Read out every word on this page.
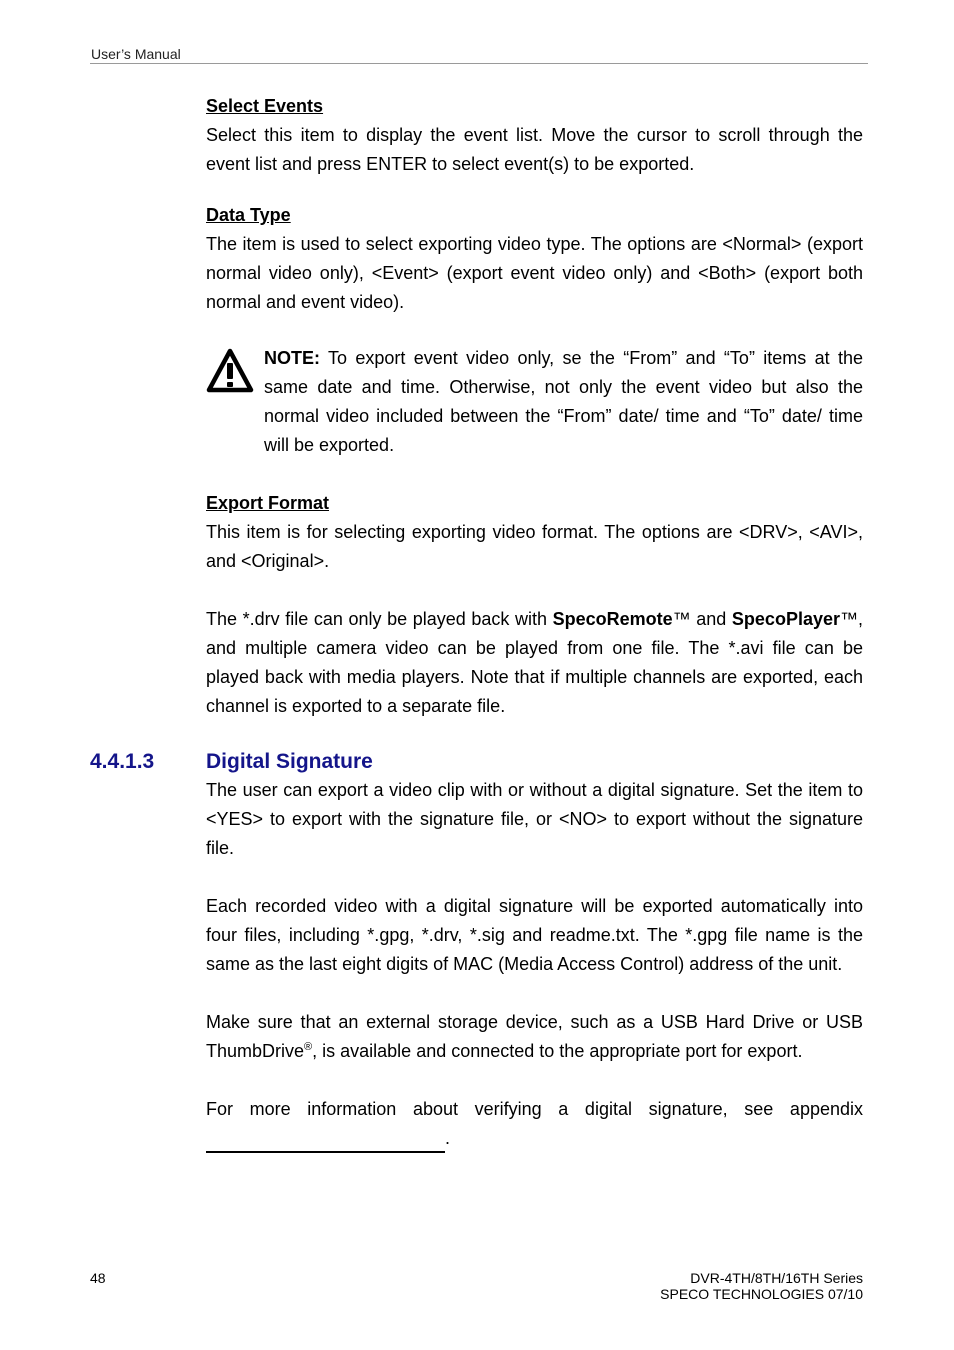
User’s Manual

Select Events

Select this item to display the event list. Move the cursor to scroll through the event list and press ENTER to select event(s) to be exported.

Data Type

The item is used to select exporting video type. The options are <Normal> (export normal video only), <Event> (export event video only) and <Both> (export both normal and event video).

NOTE: To export event video only, se the “From” and “To” items at the same date and time. Otherwise, not only the event video but also the normal video included between the “From” date/ time and “To” date/ time will be exported.

Export Format

This item is for selecting exporting video format. The options are <DRV>, <AVI>, and <Original>.

The *.drv file can only be played back with SpecoRemote™ and SpecoPlayer™, and multiple camera video can be played from one file. The *.avi file can be played back with media players. Note that if multiple channels are exported, each channel is exported to a separate file.

4.4.1.3 Digital Signature

The user can export a video clip with or without a digital signature. Set the item to <YES> to export with the signature file, or <NO> to export without the signature file.

Each recorded video with a digital signature will be exported automatically into four files, including *.gpg, *.drv, *.sig and readme.txt. The *.gpg file name is the same as the last eight digits of MAC (Media Access Control) address of the unit.

Make sure that an external storage device, such as a USB Hard Drive or USB ThumbDrive®, is available and connected to the appropriate port for export.

For more information about verifying a digital signature, see appendix

.

48	DVR-4TH/8TH/16TH Series
SPECO TECHNOLOGIES 07/10
